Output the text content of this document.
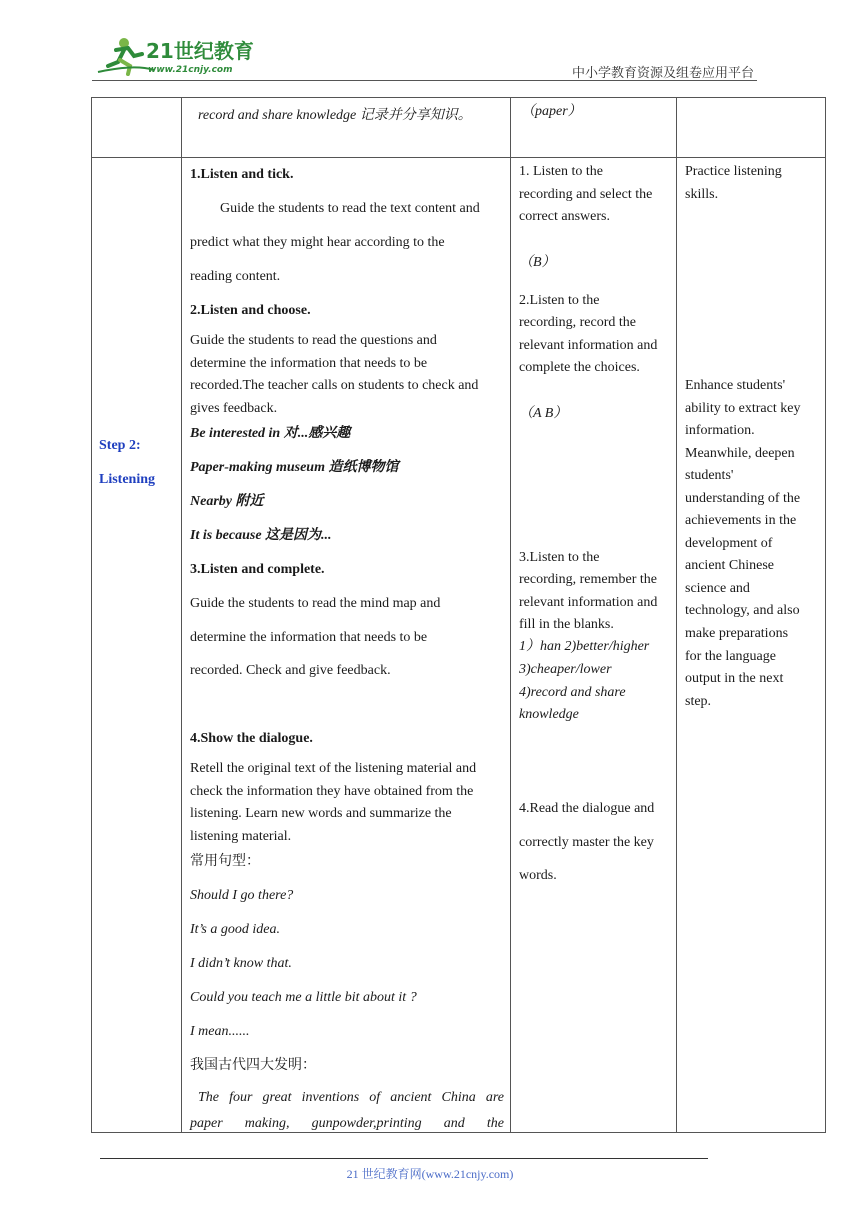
21世纪教育
www.21cnjy.com	中小学教育资源及组卷应用平台
record and share knowledge 记录并分享知识。	（paper）
Step 2:
Listening
1.Listen and tick.
Guide the students to read the text content and
predict what they might hear according to the
reading content.
2.Listen and choose.
Guide the students to read the questions and
determine the information that needs to be
recorded.The teacher calls on students to check and
gives feedback.
Be interested in 对...感兴趣
Paper-making museum 造纸博物馆
Nearby 附近
It is because 这是因为...
3.Listen and complete.
Guide the students to read the mind map and
determine the information that needs to be
recorded. Check and give feedback.
4.Show the dialogue.
Retell the original text of the listening material and
check the information they have obtained from the
listening. Learn new words and summarize the
listening material.
常用句型：
Should I go there?
It’s a good idea.
I didn’t know that.
Could you teach me a little bit about it ?
I mean......
我国古代四大发明：
The four great inventions of ancient China are
paper making, gunpowder,printing and the
1. Listen to the
recording and select the
correct answers.
（B）
2.Listen to the
recording, record the
relevant information and
complete the choices.
（A B）
3.Listen to the
recording, remember the
relevant information and
fill in the blanks.
1）han 2)better/higher
3)cheaper/lower
4)record and share
knowledge
4.Read the dialogue and
correctly master the key
words.
Practice listening
skills.
Enhance students'
ability to extract key
information.
Meanwhile, deepen
students'
understanding of the
achievements in the
development of
ancient Chinese
science and
technology, and also
make preparations
for the language
output in the next
step.
21 世纪教育网(www.21cnjy.com)
